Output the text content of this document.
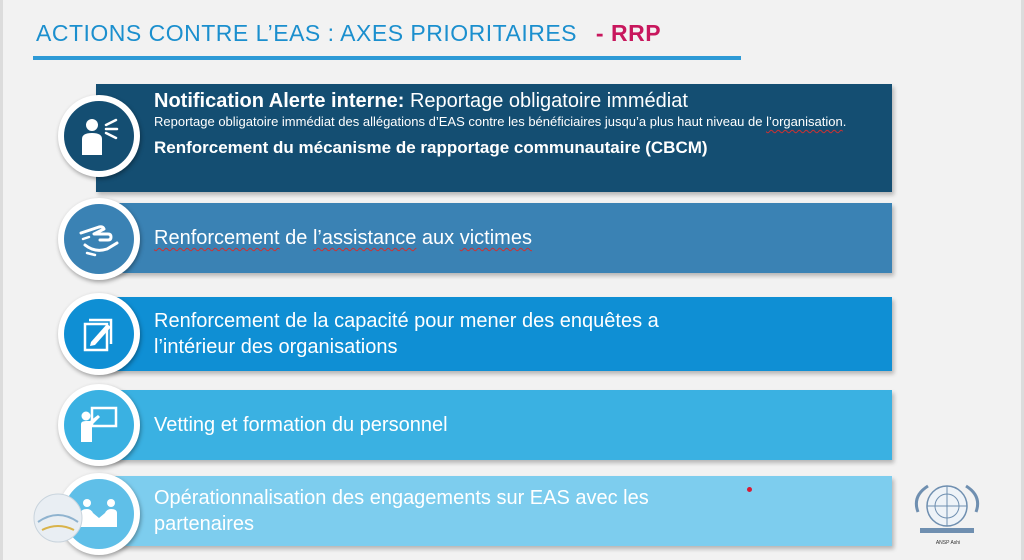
ACTIONS CONTRE L’EAS : AXES PRIORITAIRES - RRP
Notification Alerte interne: Reportage obligatoire immédiat
Reportage obligatoire immédiat des allégations d’EAS contre les bénéficiaires jusqu’a plus haut niveau de l’organisation.
Renforcement du mécanisme de rapportage communautaire (CBCM)
Renforcement de l’assistance aux victimes
Renforcement de la capacité pour mener des enquêtes a
l’intérieur des organisations
Vetting et formation du personnel
Opérationnalisation des engagements sur EAS avec les
partenaires
ANSP Ashi
